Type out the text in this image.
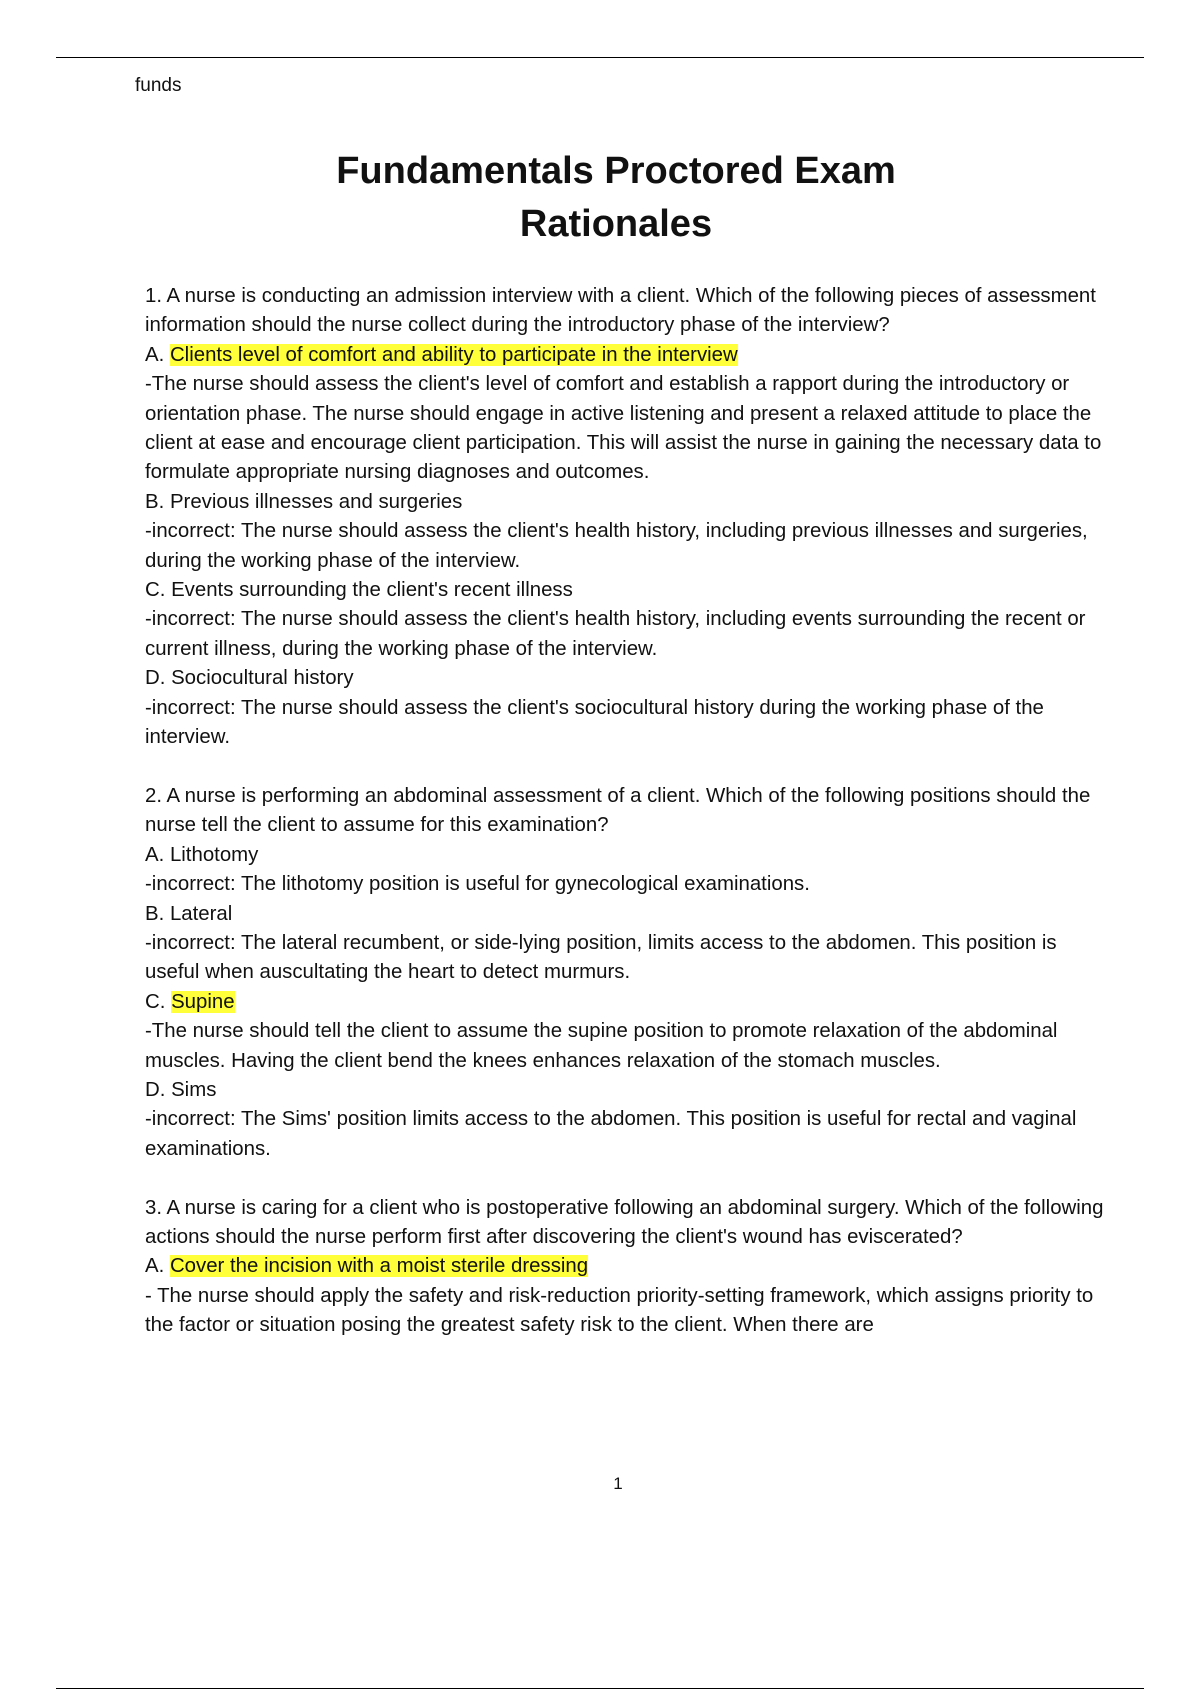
funds
Fundamentals Proctored Exam
Rationales

1. A nurse is conducting an admission interview with a client. Which of the following pieces of assessment information should the nurse collect during the introductory phase of the interview?

A. Clients level of comfort and ability to participate in the interview

-The nurse should assess the client's level of comfort and establish a rapport during the introductory or orientation phase. The nurse should engage in active listening and present a relaxed attitude to place the client at ease and encourage client participation. This will assist the nurse in gaining the necessary data to formulate appropriate nursing diagnoses and outcomes.

B. Previous illnesses and surgeries

-incorrect: The nurse should assess the client's health history, including previous illnesses and surgeries, during the working phase of the interview.

C. Events surrounding the client's recent illness

-incorrect: The nurse should assess the client's health history, including events surrounding the recent or current illness, during the working phase of the interview.

D. Sociocultural history

-incorrect: The nurse should assess the client's sociocultural history during the working phase of the interview.

2. A nurse is performing an abdominal assessment of a client. Which of the following positions should the nurse tell the client to assume for this examination?

A. Lithotomy

-incorrect: The lithotomy position is useful for gynecological examinations.

B. Lateral

-incorrect: The lateral recumbent, or side-lying position, limits access to the abdomen. This position is useful when auscultating the heart to detect murmurs.

C. Supine

-The nurse should tell the client to assume the supine position to promote relaxation of the abdominal muscles. Having the client bend the knees enhances relaxation of the stomach muscles.

D. Sims

-incorrect: The Sims' position limits access to the abdomen. This position is useful for rectal and vaginal examinations.

3. A nurse is caring for a client who is postoperative following an abdominal surgery. Which of the following actions should the nurse perform first after discovering the client's wound has eviscerated?

A. Cover the incision with a moist sterile dressing

- The nurse should apply the safety and risk-reduction priority-setting framework, which assigns priority to the factor or situation posing the greatest safety risk to the client. When there are

1
